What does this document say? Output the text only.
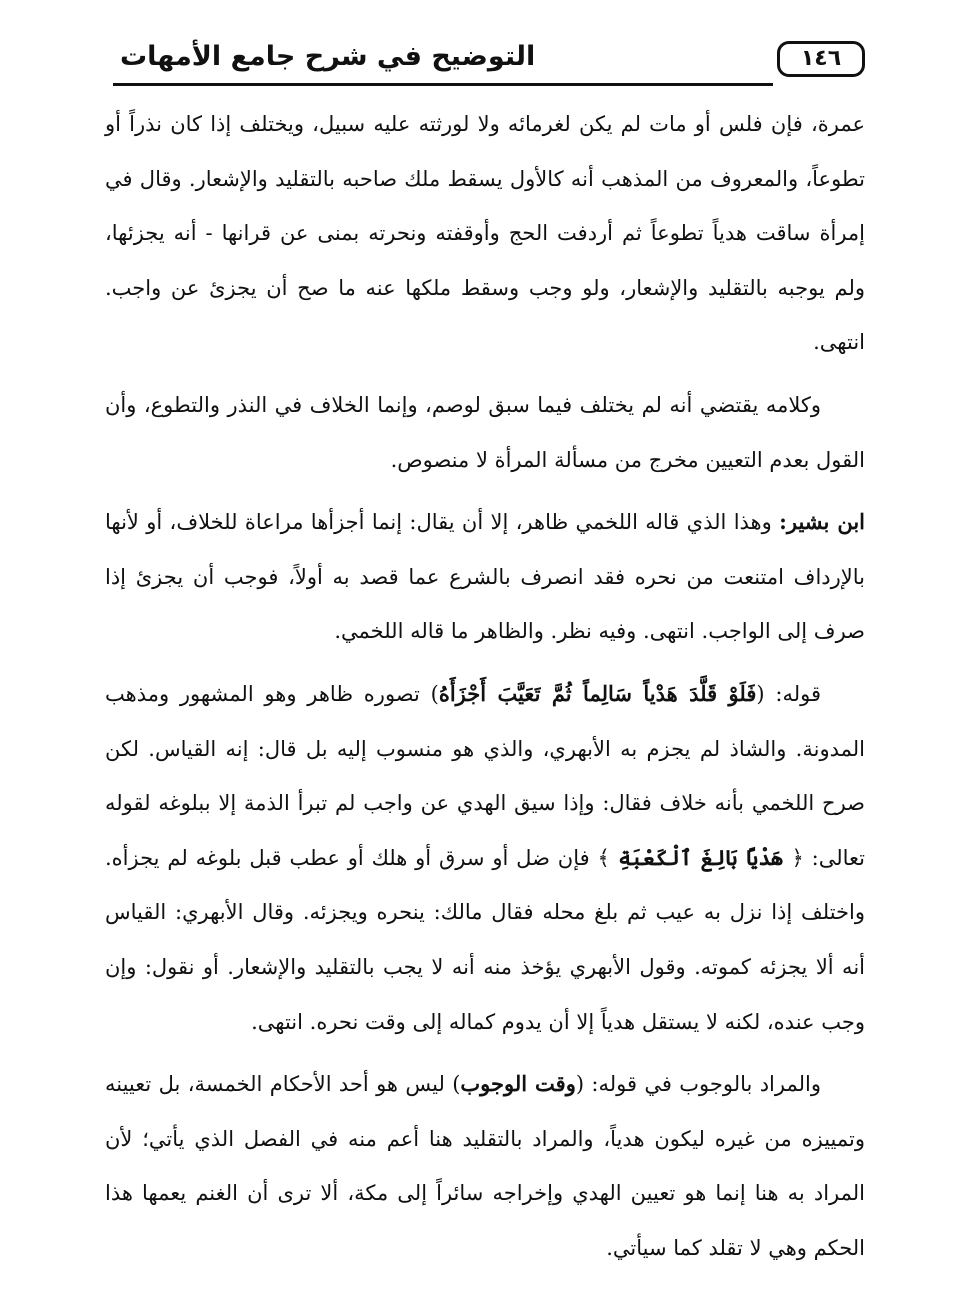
التوضيح في شرح جامع الأمهات	١٤٦

عمرة، فإن فلس أو مات لم يكن لغرمائه ولا لورثته عليه سبيل، ويختلف إذا كان نذراً أو تطوعاً، والمعروف من المذهب أنه كالأول يسقط ملك صاحبه بالتقليد والإشعار. وقال في إمرأة ساقت هدياً تطوعاً ثم أردفت الحج وأوقفته ونحرته بمنى عن قرانها - أنه يجزئها، ولم يوجبه بالتقليد والإشعار، ولو وجب وسقط ملكها عنه ما صح أن يجزئ عن واجب. انتهى.

وكلامه يقتضي أنه لم يختلف فيما سبق لوصم، وإنما الخلاف في النذر والتطوع، وأن القول بعدم التعيين مخرج من مسألة المرأة لا منصوص.

ابن بشير: وهذا الذي قاله اللخمي ظاهر، إلا أن يقال: إنما أجزأها مراعاة للخلاف، أو لأنها بالإرداف امتنعت من نحره فقد انصرف بالشرع عما قصد به أولاً، فوجب أن يجزئ إذا صرف إلى الواجب. انتهى. وفيه نظر. والظاهر ما قاله اللخمي.

قوله: (فَلَوْ قَلَّدَ هَدْياً سَالِماً ثُمَّ تَعَيَّبَ أَجْزَأَهُ) تصوره ظاهر وهو المشهور ومذهب المدونة. والشاذ لم يجزم به الأبهري، والذي هو منسوب إليه بل قال: إنه القياس. لكن صرح اللخمي بأنه خلاف فقال: وإذا سيق الهدي عن واجب لم تبرأ الذمة إلا ببلوغه لقوله تعالى: ﴿ هَدْيًا بَالِغَ ٱلْكَعْبَةِ ﴾ فإن ضل أو سرق أو هلك أو عطب قبل بلوغه لم يجزأه. واختلف إذا نزل به عيب ثم بلغ محله فقال مالك: ينحره ويجزئه. وقال الأبهري: القياس أنه ألا يجزئه كموته. وقول الأبهري يؤخذ منه أنه لا يجب بالتقليد والإشعار. أو نقول: وإن وجب عنده، لكنه لا يستقل هدياً إلا أن يدوم كماله إلى وقت نحره. انتهى.

والمراد بالوجوب في قوله: (وقت الوجوب) ليس هو أحد الأحكام الخمسة، بل تعيينه وتمييزه من غيره ليكون هدياً، والمراد بالتقليد هنا أعم منه في الفصل الذي يأتي؛ لأن المراد به هنا إنما هو تعيين الهدي وإخراجه سائراً إلى مكة، ألا ترى أن الغنم يعمها هذا الحكم وهي لا تقلد كما سيأتي.
